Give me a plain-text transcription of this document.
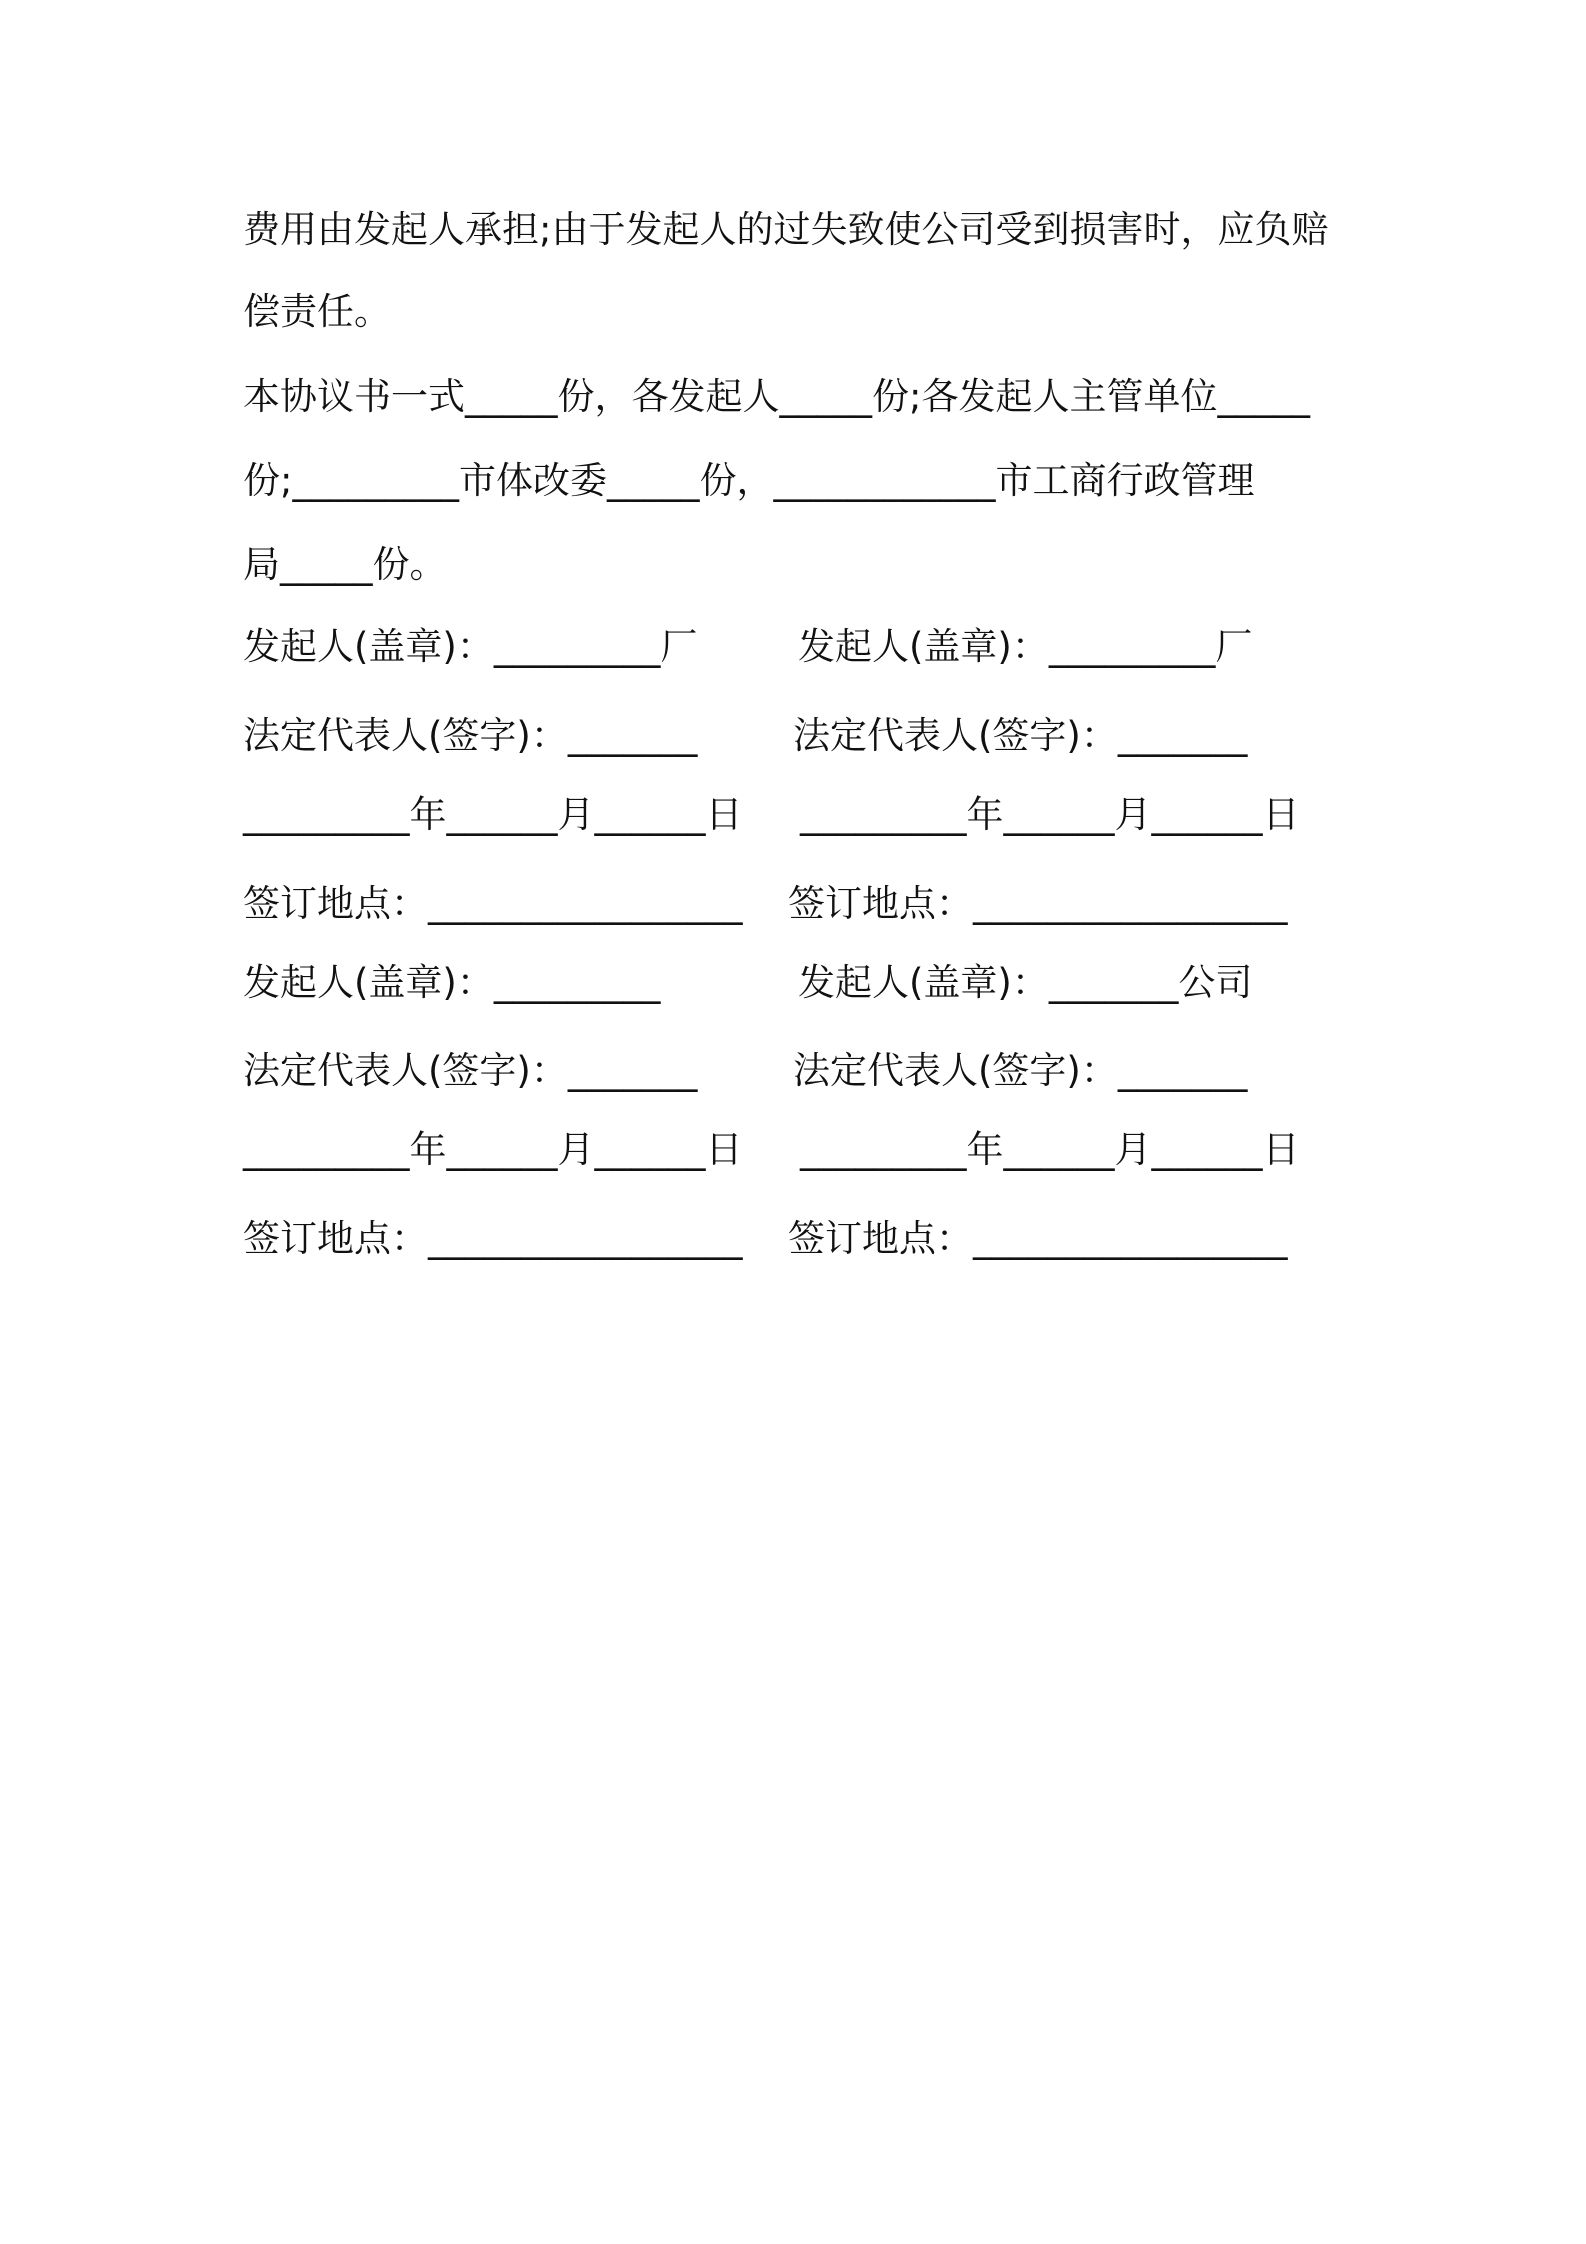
费用由发起人承担;由于发起人的过失致使公司受到损害时，应负赔
偿责任。
本协议书一式_____份，各发起人_____份;各发起人主管单位_____
份;_________市体改委_____份，____________市工商行政管理
局_____份。
发起人(盖章)：_________厂	发起人(盖章)：_________厂
法定代表人(签字)：_______	法定代表人(签字)：_______
_________年______月______日 _________年______月______日
签订地点：_________________ 签订地点：_________________
发起人(盖章)：_________	发起人(盖章)：_______公司
法定代表人(签字)：_______	法定代表人(签字)：_______
_________年______月______日 _________年______月______日
签订地点：_________________ 签订地点：_________________
